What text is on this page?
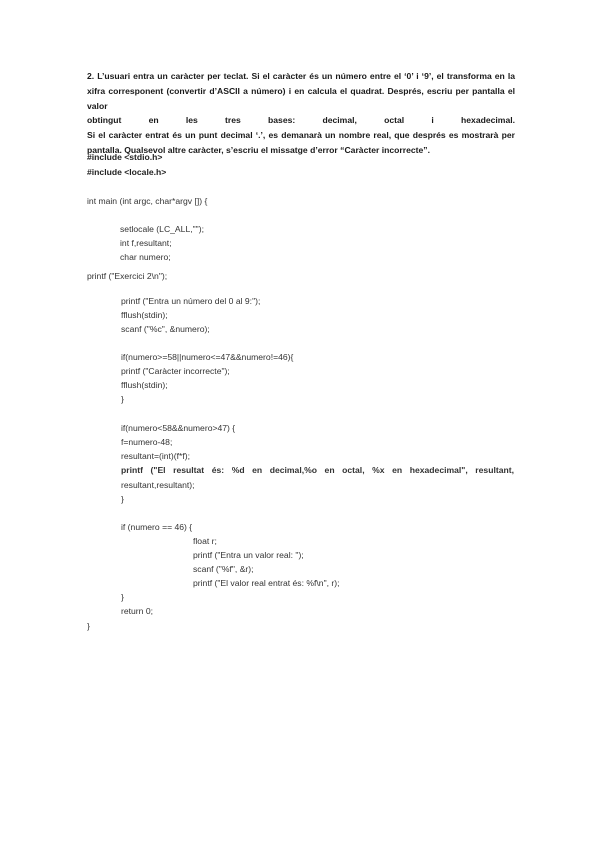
2. L’usuari entra un caràcter per teclat. Si el caràcter és un número entre el ‘0’ i ‘9’, el transforma en la

xifra corresponent (convertir d’ASCII a número) i en calcula el quadrat. Després, escriu per pantalla el valor

obtingut en les tres bases: decimal, octal i hexadecimal.

Si el caràcter entrat és un punt decimal ‘.’, es demanarà un nombre real, que després es mostrarà per

pantalla. Qualsevol altre caràcter, s’escriu el missatge d’error “Caràcter incorrecte”.

#include <stdio.h>
#include <locale.h>
int main (int argc, char*argv []) {
setlocale (LC_ALL,"");
int f,resultant;
char numero;
printf ("Exercici 2\n");
printf ("Entra un número del 0 al 9:");
fflush(stdin);
scanf ("%c", &numero);
if(numero>=58||numero<=47&&numero!=46){
printf ("Caràcter incorrecte");
fflush(stdin);
}
if(numero<58&&numero>47) {
f=numero-48;
resultant=(int)(f*f);
printf ("El resultat és: %d en decimal,%o en octal, %x en hexadecimal", resultant,
resultant,resultant);
}
if (numero == 46) {
float r;
printf ("Entra un valor real: ");
scanf ("%f", &r);
printf ("El valor real entrat és: %f\n", r);
}
return 0;
}
